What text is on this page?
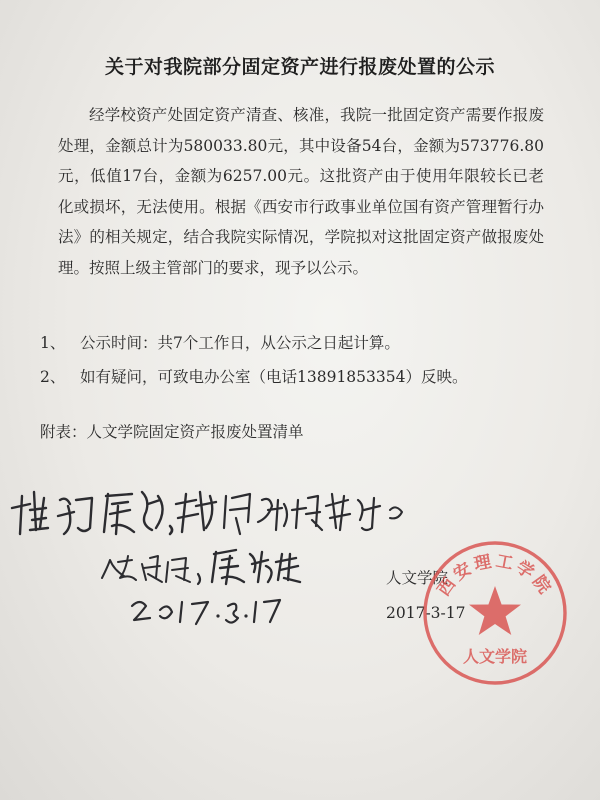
关于对我院部分固定资产进行报废处置的公示
经学校资产处固定资产清查、核准，我院一批固定资产需要作报废处理，金额总计为580033.80元，其中设备54台，金额为573776.80元，低值17台，金额为6257.00元。这批资产由于使用年限较长已老化或损坏，无法使用。根据《西安市行政事业单位国有资产管理暂行办法》的相关规定，结合我院实际情况，学院拟对这批固定资产做报废处理。按照上级主管部门的要求，现予以公示。
1、 公示时间：共7个工作日，从公示之日起计算。
2、 如有疑问，可致电办公室（电话13891853354）反映。
附表：人文学院固定资产报废处置清单
人文学院
2017-3-17
西安理工学院
人文学院
